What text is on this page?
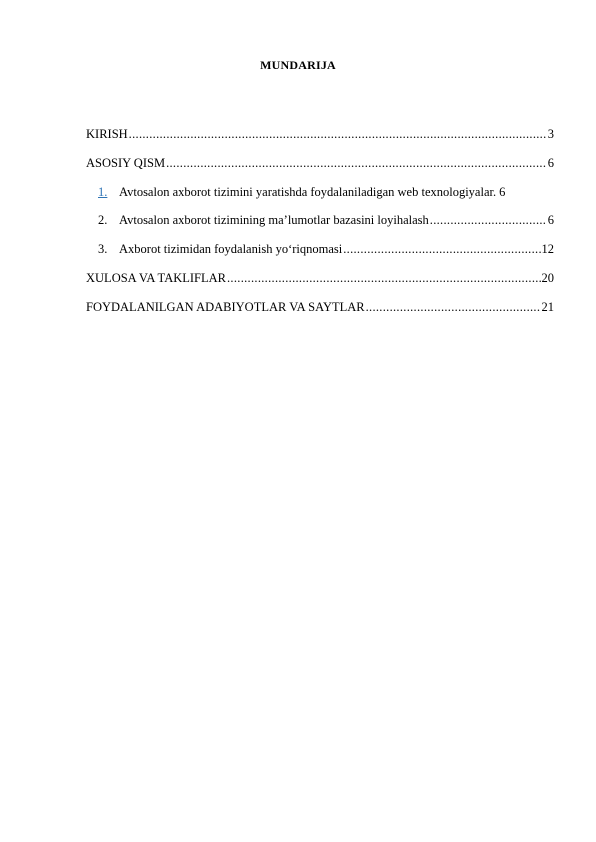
MUNDARIJA
KIRISH .....	3
ASOSIY QISM .....	6
1. Avtosalon axborot tizimini yaratishda foydalaniladigan web texnologiyalar. 6
2. Avtosalon axborot tizimining ma’lumotlar bazasini loyihalash .....	6
3. Axborot tizimidan foydalanish yo‘riqnomasi .....	12
XULOSA VA TAKLIFLAR .....	20
FOYDALANILGAN ADABIYOTLAR VA SAYTLAR .....	21
